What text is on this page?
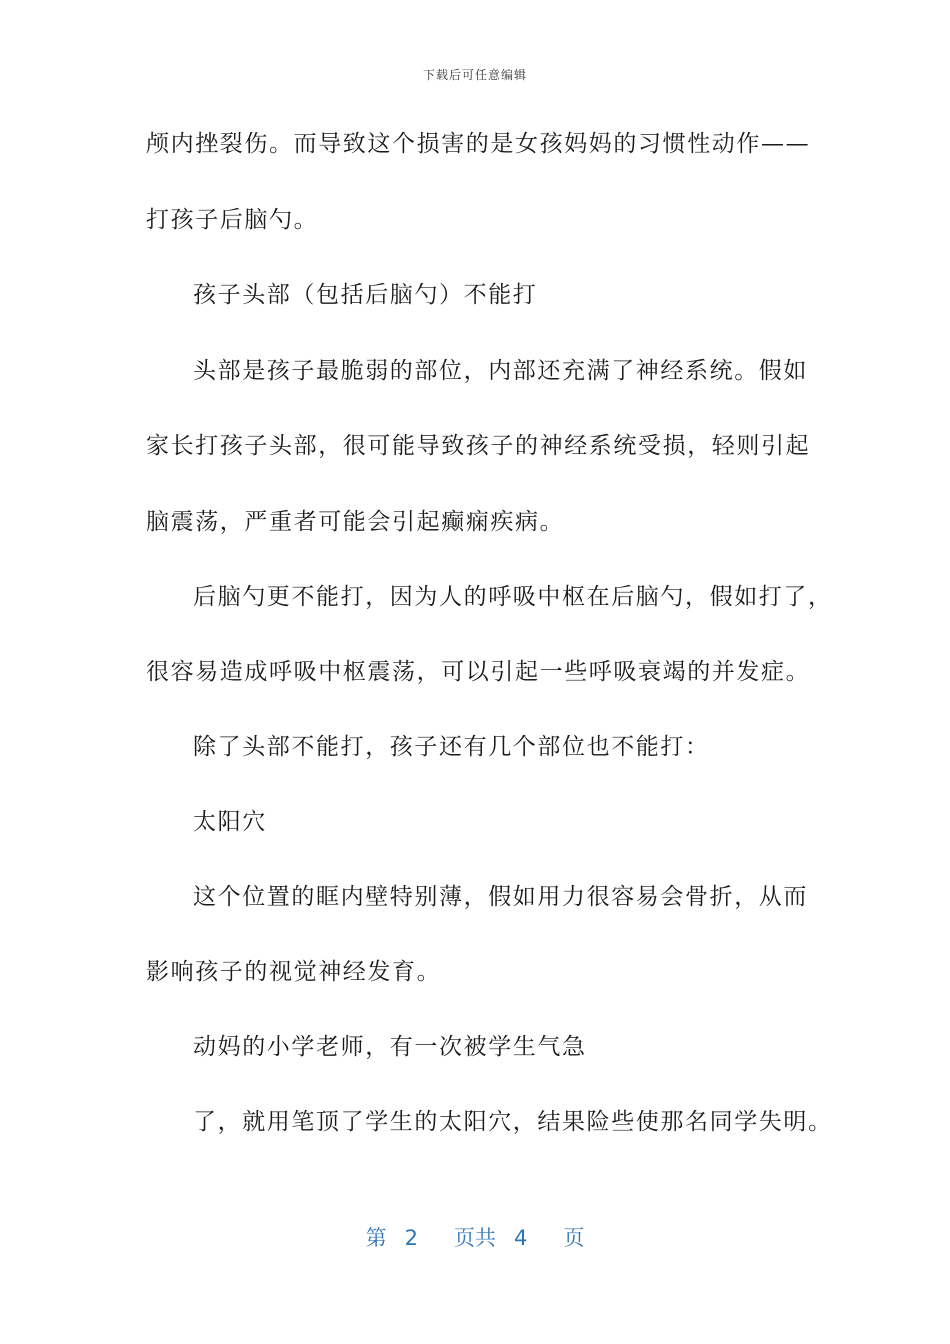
下载后可任意编辑
颅内挫裂伤。而导致这个损害的是女孩妈妈的习惯性动作——
打孩子后脑勺。
孩子头部（包括后脑勺）不能打
头部是孩子最脆弱的部位，内部还充满了神经系统。假如
家长打孩子头部，很可能导致孩子的神经系统受损，轻则引起
脑震荡，严重者可能会引起癫痫疾病。
后脑勺更不能打，因为人的呼吸中枢在后脑勺，假如打了，
很容易造成呼吸中枢震荡，可以引起一些呼吸衰竭的并发症。
除了头部不能打，孩子还有几个部位也不能打：
太阳穴
这个位置的眶内壁特别薄，假如用力很容易会骨折，从而
影响孩子的视觉神经发育。
动妈的小学老师，有一次被学生气急
了，就用笔顶了学生的太阳穴，结果险些使那名同学失明。
第 2 页共 4 页
